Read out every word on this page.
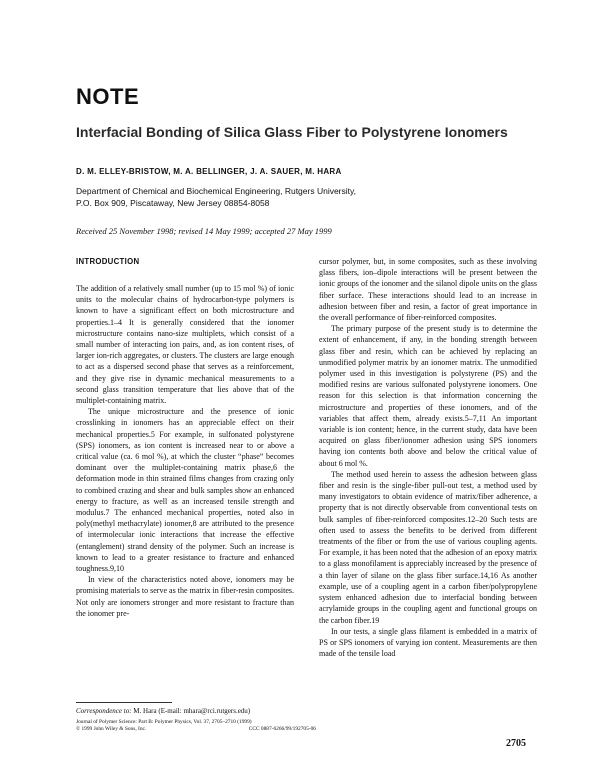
NOTE
Interfacial Bonding of Silica Glass Fiber to Polystyrene Ionomers
D. M. ELLEY-BRISTOW, M. A. BELLINGER, J. A. SAUER, M. HARA
Department of Chemical and Biochemical Engineering, Rutgers University,
P.O. Box 909, Piscataway, New Jersey 08854-8058
Received 25 November 1998; revised 14 May 1999; accepted 27 May 1999
INTRODUCTION

The addition of a relatively small number (up to 15 mol %) of ionic units to the molecular chains of hydrocarbon-type polymers is known to have a significant effect on both microstructure and properties.1–4 It is generally considered that the ionomer microstructure contains nano-size multiplets, which consist of a small number of interacting ion pairs, and, as ion content rises, of larger ion-rich aggregates, or clusters. The clusters are large enough to act as a dispersed second phase that serves as a reinforcement, and they give rise in dynamic mechanical measurements to a second glass transition temperature that lies above that of the multiplet-containing matrix.

The unique microstructure and the presence of ionic crosslinking in ionomers has an appreciable effect on their mechanical properties.5 For example, in sulfonated polystyrene (SPS) ionomers, as ion content is increased near to or above a critical value (ca. 6 mol %), at which the cluster “phase” becomes dominant over the multiplet-containing matrix phase,6 the deformation mode in thin strained films changes from crazing only to combined crazing and shear and bulk samples show an enhanced energy to fracture, as well as an increased tensile strength and modulus.7 The enhanced mechanical properties, noted also in poly(methyl methacrylate) ionomer,8 are attributed to the presence of intermolecular ionic interactions that increase the effective (entanglement) strand density of the polymer. Such an increase is known to lead to a greater resistance to fracture and enhanced toughness.9,10

In view of the characteristics noted above, ionomers may be promising materials to serve as the matrix in fiber-resin composites. Not only are ionomers stronger and more resistant to fracture than the ionomer pre-

cursor polymer, but, in some composites, such as these involving glass fibers, ion–dipole interactions will be present between the ionic groups of the ionomer and the silanol dipole units on the glass fiber surface. These interactions should lead to an increase in adhesion between fiber and resin, a factor of great importance in the overall performance of fiber-reinforced composites.

The primary purpose of the present study is to determine the extent of enhancement, if any, in the bonding strength between glass fiber and resin, which can be achieved by replacing an unmodified polymer matrix by an ionomer matrix. The unmodified polymer used in this investigation is polystyrene (PS) and the modified resins are various sulfonated polystyrene ionomers. One reason for this selection is that information concerning the microstructure and properties of these ionomers, and of the variables that affect them, already exists.5–7,11 An important variable is ion content; hence, in the current study, data have been acquired on glass fiber/ionomer adhesion using SPS ionomers having ion contents both above and below the critical value of about 6 mol %.

The method used herein to assess the adhesion between glass fiber and resin is the single-fiber pull-out test, a method used by many investigators to obtain evidence of matrix/fiber adherence, a property that is not directly observable from conventional tests on bulk samples of fiber-reinforced composites.12–20 Such tests are often used to assess the benefits to be derived from different treatments of the fiber or from the use of various coupling agents. For example, it has been noted that the adhesion of an epoxy matrix to a glass monofilament is appreciably increased by the presence of a thin layer of silane on the glass fiber surface.14,16 As another example, use of a coupling agent in a carbon fiber/polypropylene system enhanced adhesion due to interfacial bonding between acrylamide groups in the coupling agent and functional groups on the carbon fiber.19

In our tests, a single glass filament is embedded in a matrix of PS or SPS ionomers of varying ion content. Measurements are then made of the tensile load

Correspondence to: M. Hara (E-mail: mhara@rci.rutgers.edu)
Journal of Polymer Science: Part B: Polymer Physics, Vol. 37, 2705–2710 (1999)
© 1999 John Wiley & Sons, Inc.	CCC 0887-6266/99/192705-06
2705
